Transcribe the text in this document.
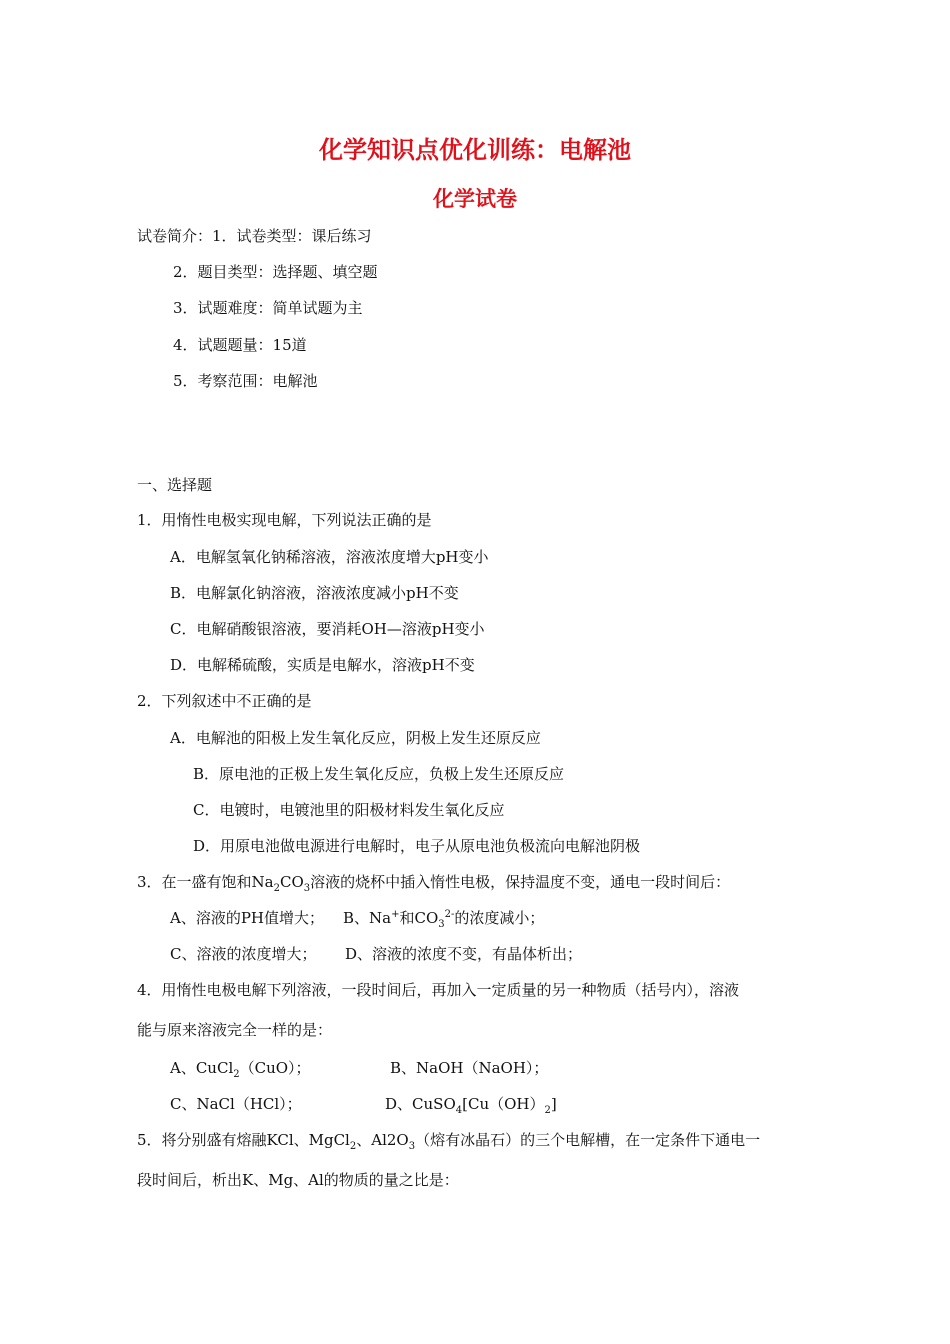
化学知识点优化训练：电解池
化学试卷
试卷简介：1．试卷类型：课后练习
2．题目类型：选择题、填空题
3．试题难度：简单试题为主
4．试题题量：15道
5．考察范围：电解池
一、选择题
1．用惰性电极实现电解，下列说法正确的是
A．电解氢氧化钠稀溶液，溶液浓度增大pH变小
B．电解氯化钠溶液，溶液浓度减小pH不变
C．电解硝酸银溶液，要消耗OH—溶液pH变小
D．电解稀硫酸，实质是电解水，溶液pH不变
2．下列叙述中不正确的是
A．电解池的阳极上发生氧化反应，阴极上发生还原反应
B．原电池的正极上发生氧化反应，负极上发生还原反应
C．电镀时，电镀池里的阳极材料发生氧化反应
D．用原电池做电源进行电解时，电子从原电池负极流向电解池阴极
3．在一盛有饱和$Na_2CO_3$溶液的烧杯中插入惰性电极，保持温度不变，通电一段时间后：
A、溶液的PH值增大； B、Na+和$CO_3^{2-}$的浓度减小；
C、溶液的浓度增大； D、溶液的浓度不变，有晶体析出；
4．用惰性电极电解下列溶液，一段时间后，再加入一定质量的另一种物质（括号内），溶液
能与原来溶液完全一样的是：
A、CuCl$_2$（CuO）；	B、NaOH（NaOH）；
C、NaCl（HCl）；	D、$CuSO_4[Cu(OH)_2]$
5．将分别盛有熔融KCl、MgCl$_2$、$Al2O_3$（熔有冰晶石）的三个电解槽，在一定条件下通电一
段时间后，析出K、Mg、Al的物质的量之比是：
